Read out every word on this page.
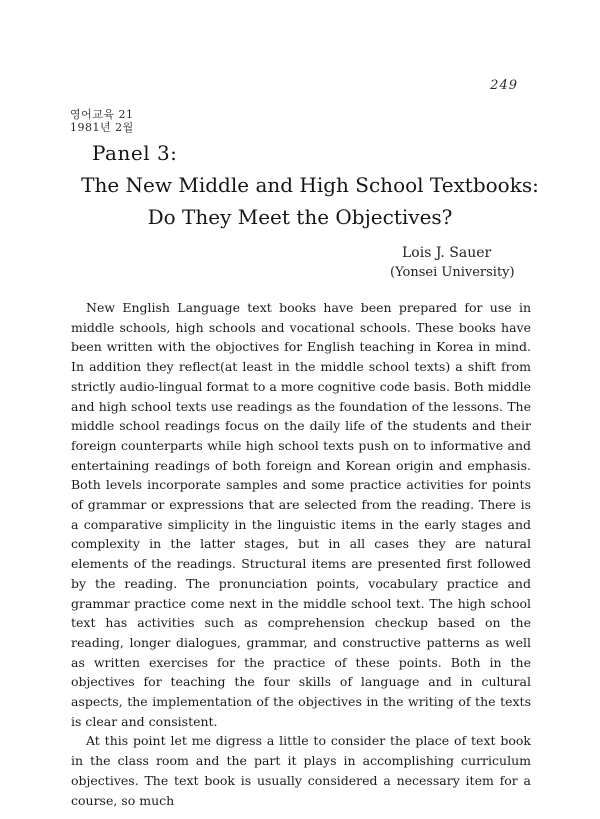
249
영어교육 21
1981년 2월
Panel 3:
The New Middle and High School Textbooks:
Do They Meet the Objectives?
Lois J. Sauer
(Yonsei University)

New English Language text books have been prepared for use in middle schools, high schools and vocational schools. These books have been written with the objoctives for English teaching in Korea in mind. In addition they reflect(at least in the middle school texts) a shift from strictly audio-lingual format to a more cognitive code basis. Both middle and high school texts use readings as the foundation of the lessons. The middle school readings focus on the daily life of the students and their foreign counterparts while high school texts push on to informative and entertaining readings of both foreign and Korean origin and emphasis. Both levels incorporate samples and some practice activities for points of grammar or expressions that are selected from the reading. There is a comparative simplicity in the linguistic items in the early stages and complexity in the latter stages, but in all cases they are natural elements of the readings. Structural items are presented first followed by the reading. The pronunciation points, vocabulary practice and grammar practice come next in the middle school text. The high school text has activities such as comprehension checkup based on the reading, longer dialogues, grammar, and constructive patterns as well as written exercises for the practice of these points. Both in the objectives for teaching the four skills of language and in cultural aspects, the implementation of the objectives in the writing of the texts is clear and consistent.

At this point let me digress a little to consider the place of text book in the class room and the part it plays in accomplishing curriculum objectives. The text book is usually considered a necessary item for a course, so much
